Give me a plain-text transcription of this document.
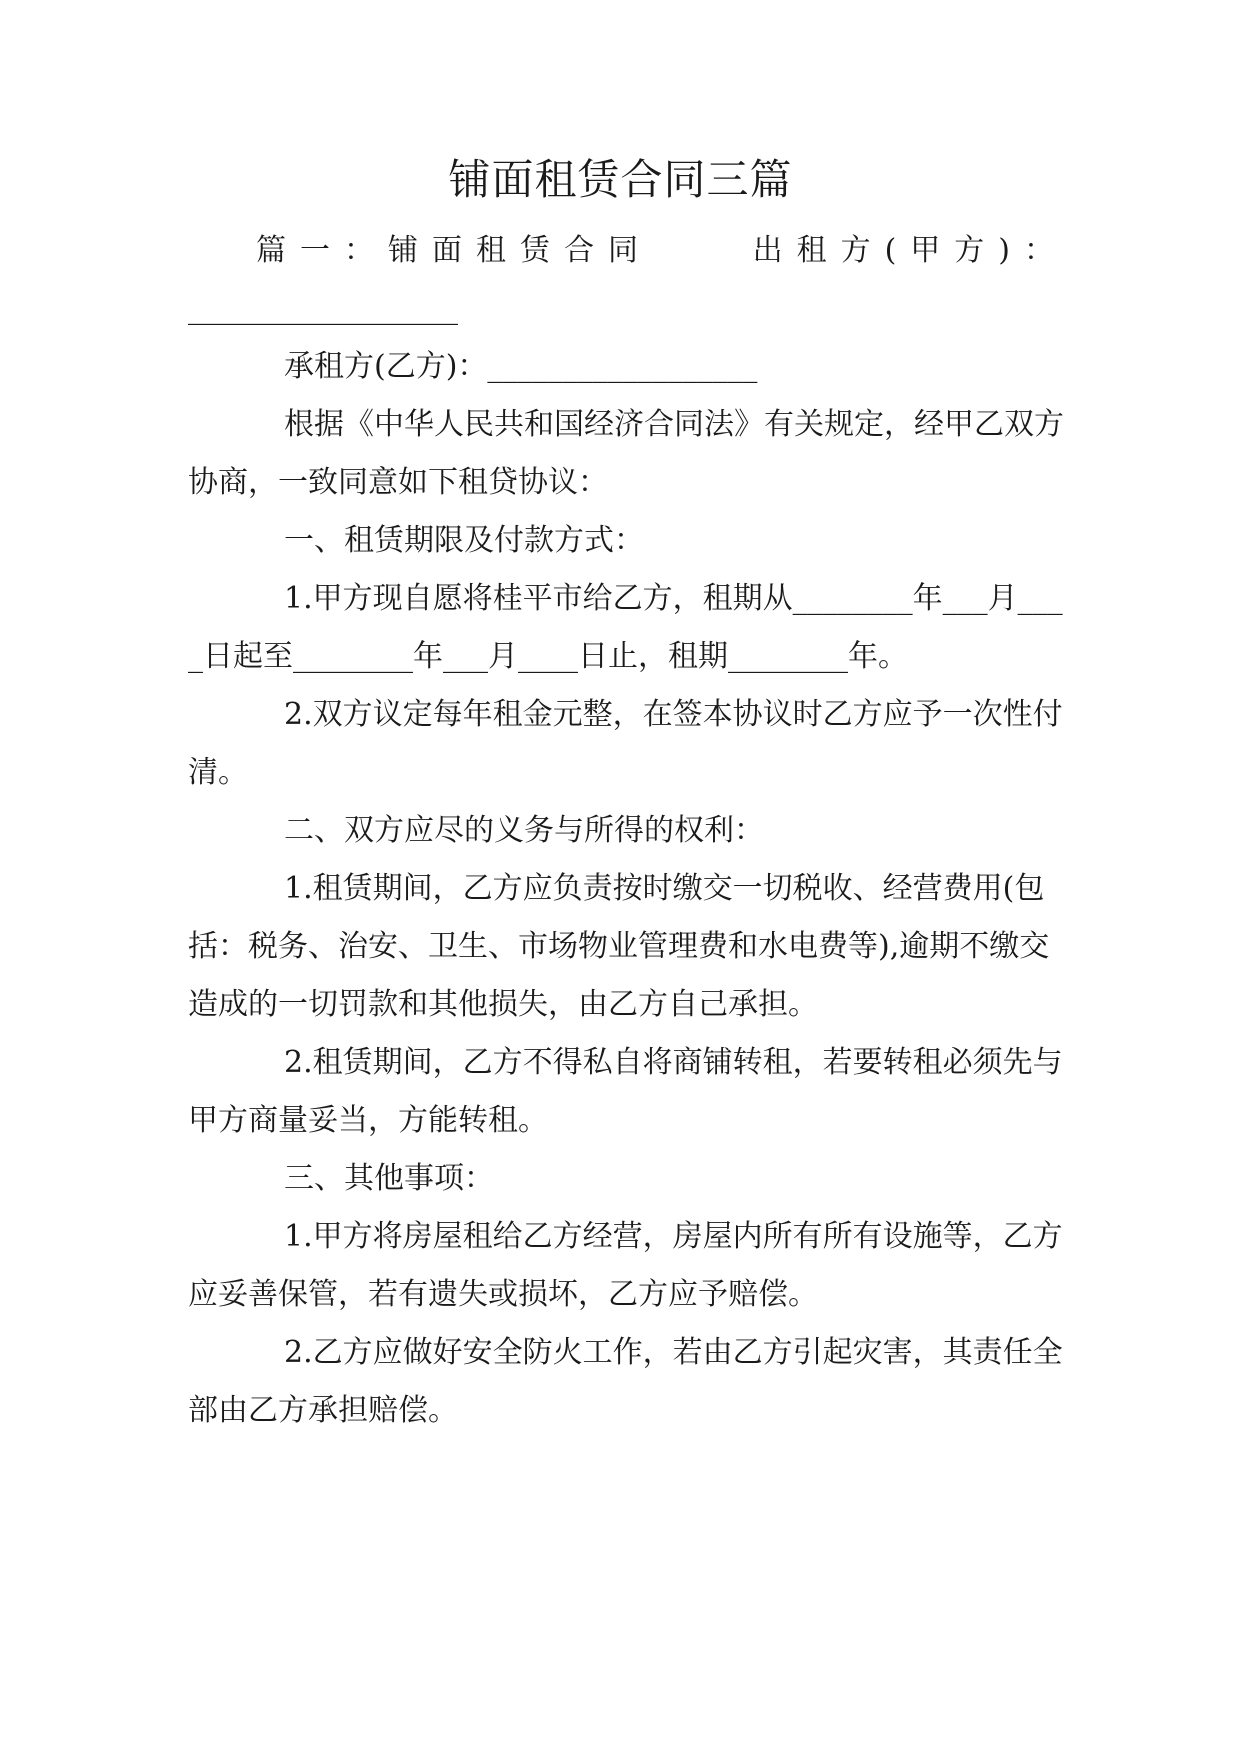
铺面租赁合同三篇
篇一：铺面租赁合同	出租方(甲方)：

__________________

承租方(乙方)：__________________

根据《中华人民共和国经济合同法》有关规定，经甲乙双方协商，一致同意如下租贷协议：

一、租赁期限及付款方式：

1.甲方现自愿将桂平市给乙方，租期从________年___月____日起至________年___月____日止，租期________年。

2.双方议定每年租金元整，在签本协议时乙方应予一次性付清。

二、双方应尽的义务与所得的权利：

1.租赁期间，乙方应负责按时缴交一切税收、经营费用(包括：税务、治安、卫生、市场物业管理费和水电费等),逾期不缴交造成的一切罚款和其他损失，由乙方自己承担。

2.租赁期间，乙方不得私自将商铺转租，若要转租必须先与甲方商量妥当，方能转租。

三、其他事项：

1.甲方将房屋租给乙方经营，房屋内所有所有设施等，乙方应妥善保管，若有遗失或损坏，乙方应予赔偿。

2.乙方应做好安全防火工作，若由乙方引起灾害，其责任全部由乙方承担赔偿。
